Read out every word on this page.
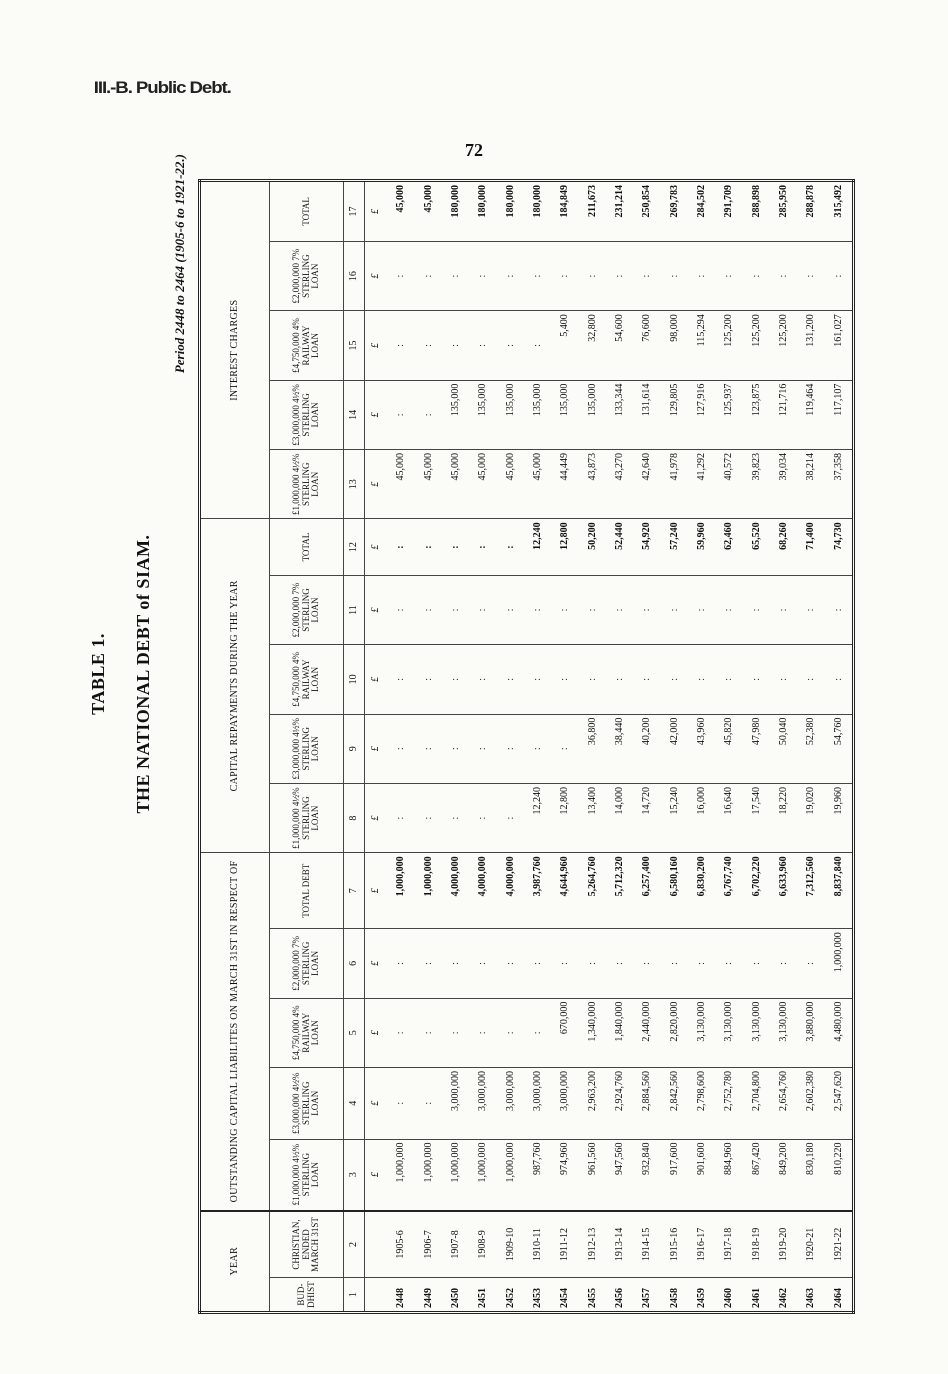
III.-B. Public Debt.
72
TABLE 1. THE NATIONAL DEBT of SIAM.
Period 2448 to 2464 (1905-6 to 1921-22.)
YEAR		OUTSTANDING CAPITAL LIABILITES ON MARCH 31ST IN RESPECT OF					CAPITAL REPAYMENTS DURING THE YEAR					INTEREST CHARGES				
BUD-DHIST	CHRISTIAN, ENDED MARCH 31ST	£1,000,000 4½% STERLING LOAN	£3,000,000 4½% STERLING LOAN	£4,750,000 4% RAILWAY LOAN	£2,000,000 7% STERLING LOAN	TOTAL DEBT	£1,000,000 4½% STERLING LOAN	£3,000,000 4½% STERLING LOAN	£4,750,000 4% RAILWAY LOAN	£2,000,000 7% STERLING LOAN	TOTAL	£1,000,000 4½% STERLING LOAN	£3,000,000 4½% STERLING LOAN	£4,750,000 4% RAILWAY LOAN	£2,000,000 7% STERLING LOAN	TOTAL
1	2	3	4	5	6	7	8	9	10	11	12	13	14	15	16	17
		£	£	£	£	£	£	£	£	£	£	£	£	£	£	£
2448	1905-6	1,000,000	:	:	:	1,000,000	:	:	:	:	:	45,000	:	:	:	45,000
2449	1906-7	1,000,000	:	:	:	1,000,000	:	:	:	:	:	45,000	:	:	:	45,000
2450	1907-8	1,000,000	3,000,000	:	:	4,000,000	:	:	:	:	:	45,000	135,000	:	:	180,000
2451	1908-9	1,000,000	3,000,000	:	:	4,000,000	:	:	:	:	:	45,000	135,000	:	:	180,000
2452	1909-10	1,000,000	3,000,000	:	:	4,000,000	:	:	:	:	:	45,000	135,000	:	:	180,000
2453	1910-11	987,760	3,000,000	:	:	3,987,760	12,240	:	:	:	12,240	45,000	135,000	:	:	180,000
2454	1911-12	974,960	3,000,000	670,000	:	4,644,960	12,800	:	:	:	12,800	44,449	135,000	5,400	:	184,849
2455	1912-13	961,560	2,963,200	1,340,000	:	5,264,760	13,400	36,800	:	:	50,200	43,873	135,000	32,800	:	211,673
2456	1913-14	947,560	2,924,760	1,840,000	:	5,712,320	14,000	38,440	:	:	52,440	43,270	133,344	54,600	:	231,214
2457	1914-15	932,840	2,884,560	2,440,000	:	6,257,400	14,720	40,200	:	:	54,920	42,640	131,614	76,600	:	250,854
2458	1915-16	917,600	2,842,560	2,820,000	:	6,580,160	15,240	42,000	:	:	57,240	41,978	129,805	98,000	:	269,783
2459	1916-17	901,600	2,798,600	3,130,000	:	6,830,200	16,000	43,960	:	:	59,960	41,292	127,916	115,294	:	284,502
2460	1917-18	884,960	2,752,780	3,130,000	:	6,767,740	16,640	45,820	:	:	62,460	40,572	125,937	125,200	:	291,709
2461	1918-19	867,420	2,704,800	3,130,000	:	6,702,220	17,540	47,980	:	:	65,520	39,823	123,875	125,200	:	288,898
2462	1919-20	849,200	2,654,760	3,130,000	:	6,633,960	18,220	50,040	:	:	68,260	39,034	121,716	125,200	:	285,950
2463	1920-21	830,180	2,602,380	3,880,000	:	7,312,560	19,020	52,380	:	:	71,400	38,214	119,464	131,200	:	288,878
2464	1921-22	810,220	2,547,620	4,480,000	1,000,000	8,837,840	19,960	54,760	:	:	74,730	37,358	117,107	161,027	:	315,492
